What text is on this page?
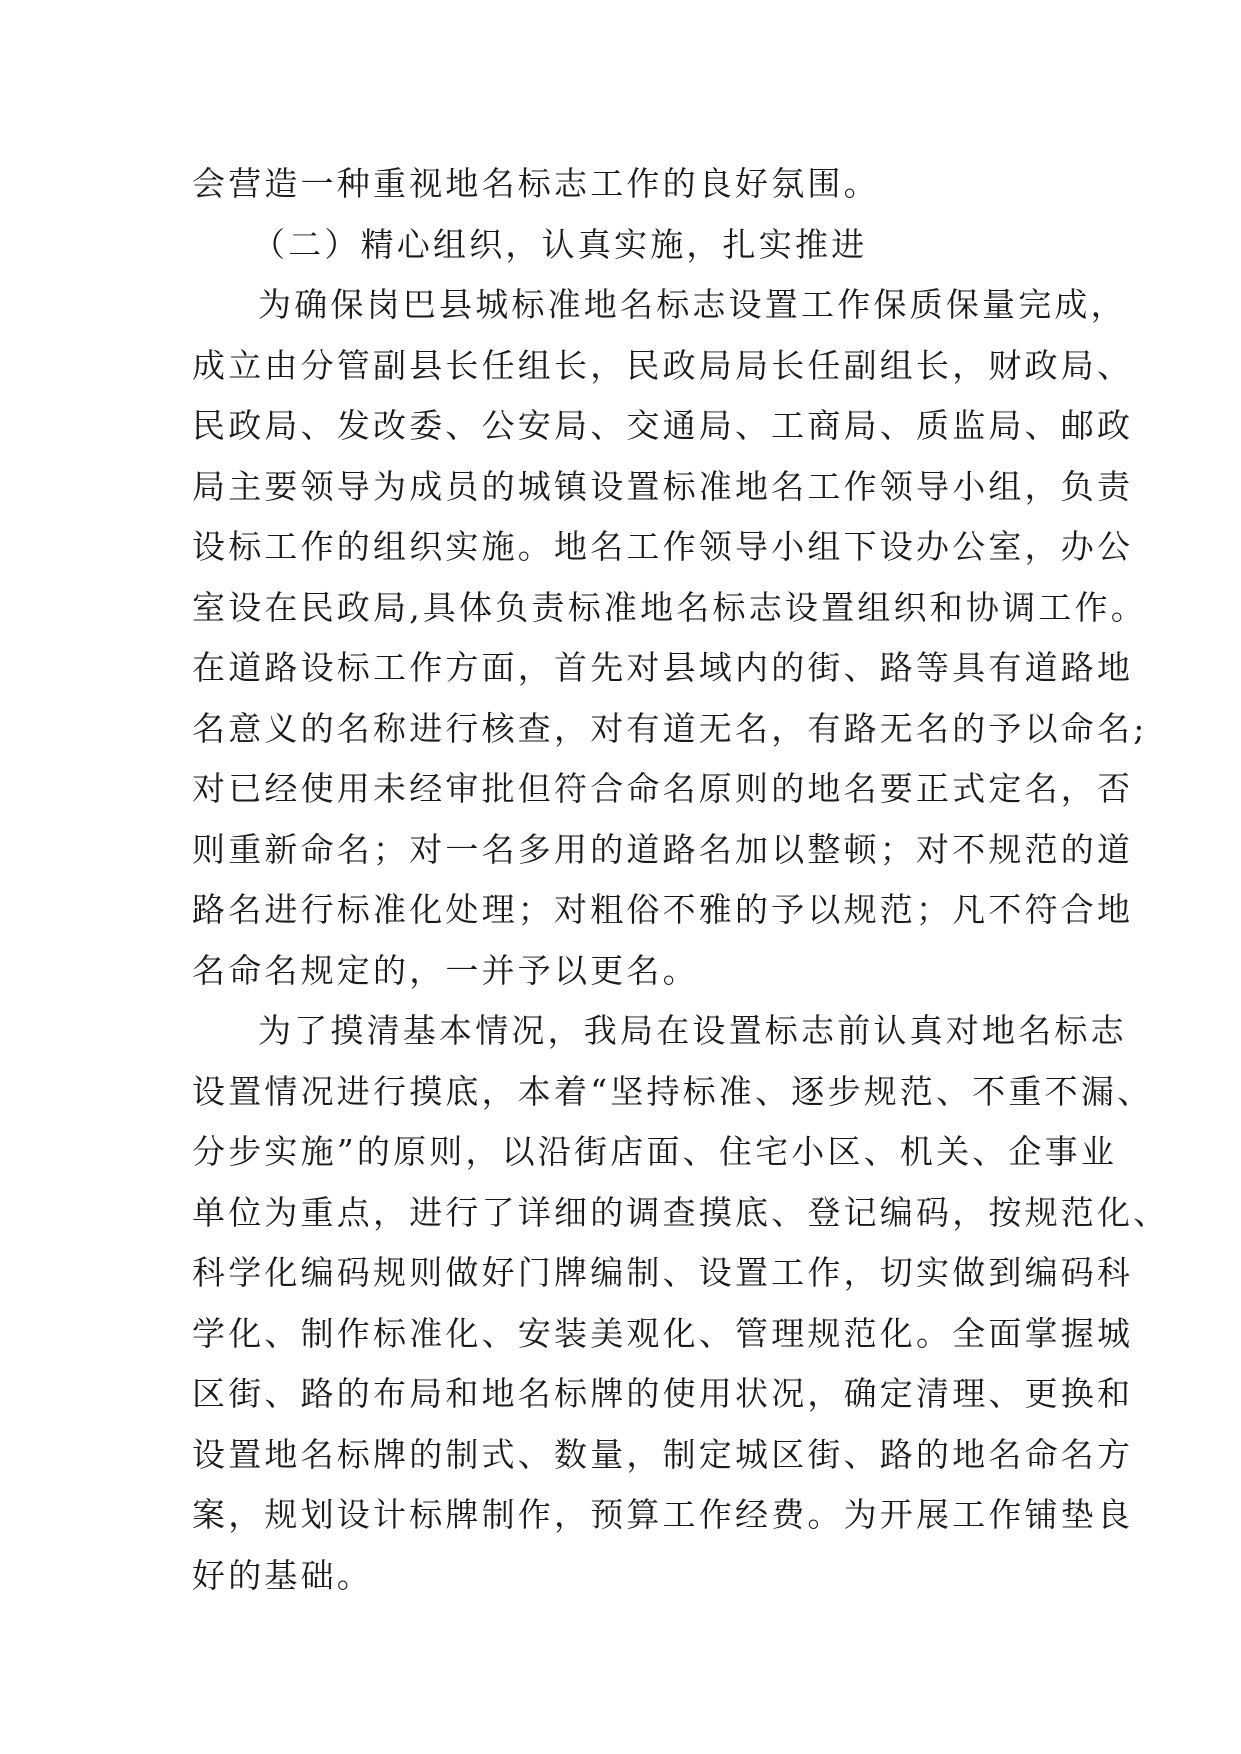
会营造一种重视地名标志工作的良好氛围。
（二）精心组织，认真实施，扎实推进
为确保岗巴县城标准地名标志设置工作保质保量完成，
成立由分管副县长任组长，民政局局长任副组长，财政局、
民政局、发改委、公安局、交通局、工商局、质监局、邮政
局主要领导为成员的城镇设置标准地名工作领导小组，负责
设标工作的组织实施。地名工作领导小组下设办公室，办公
室设在民政局,具体负责标准地名标志设置组织和协调工作。
在道路设标工作方面，首先对县域内的街、路等具有道路地
名意义的名称进行核查，对有道无名，有路无名的予以命名;
对已经使用未经审批但符合命名原则的地名要正式定名，否
则重新命名；对一名多用的道路名加以整顿；对不规范的道
路名进行标准化处理；对粗俗不雅的予以规范；凡不符合地
名命名规定的，一并予以更名。
为了摸清基本情况，我局在设置标志前认真对地名标志
设置情况进行摸底，本着“坚持标准、逐步规范、不重不漏、
分步实施”的原则，以沿街店面、住宅小区、机关、企事业
单位为重点，进行了详细的调查摸底、登记编码，按规范化、
科学化编码规则做好门牌编制、设置工作，切实做到编码科
学化、制作标准化、安装美观化、管理规范化。全面掌握城
区街、路的布局和地名标牌的使用状况，确定清理、更换和
设置地名标牌的制式、数量，制定城区街、路的地名命名方
案，规划设计标牌制作，预算工作经费。为开展工作铺垫良
好的基础。
